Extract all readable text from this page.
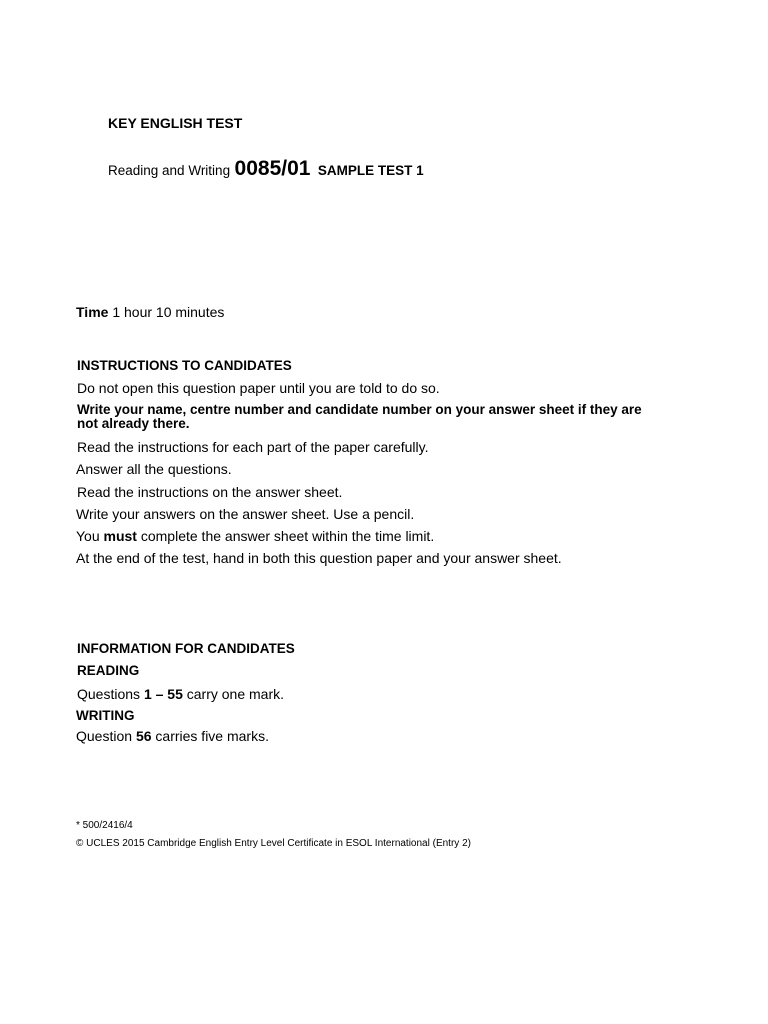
KEY ENGLISH TEST
Reading and Writing 0085/01 SAMPLE TEST 1
Time 1 hour 10 minutes
INSTRUCTIONS TO CANDIDATES
Do not open this question paper until you are told to do so.
Write your name, centre number and candidate number on your answer sheet if they are
not already there.
Read the instructions for each part of the paper carefully.
Answer all the questions.
Read the instructions on the answer sheet.
Write your answers on the answer sheet. Use a pencil.
You must complete the answer sheet within the time limit.
At the end of the test, hand in both this question paper and your answer sheet.
INFORMATION FOR CANDIDATES
READING
Questions 1 – 55 carry one mark.
WRITING
Question 56 carries five marks.
* 500/2416/4
© UCLES 2015 Cambridge English Entry Level Certificate in ESOL International (Entry 2)
